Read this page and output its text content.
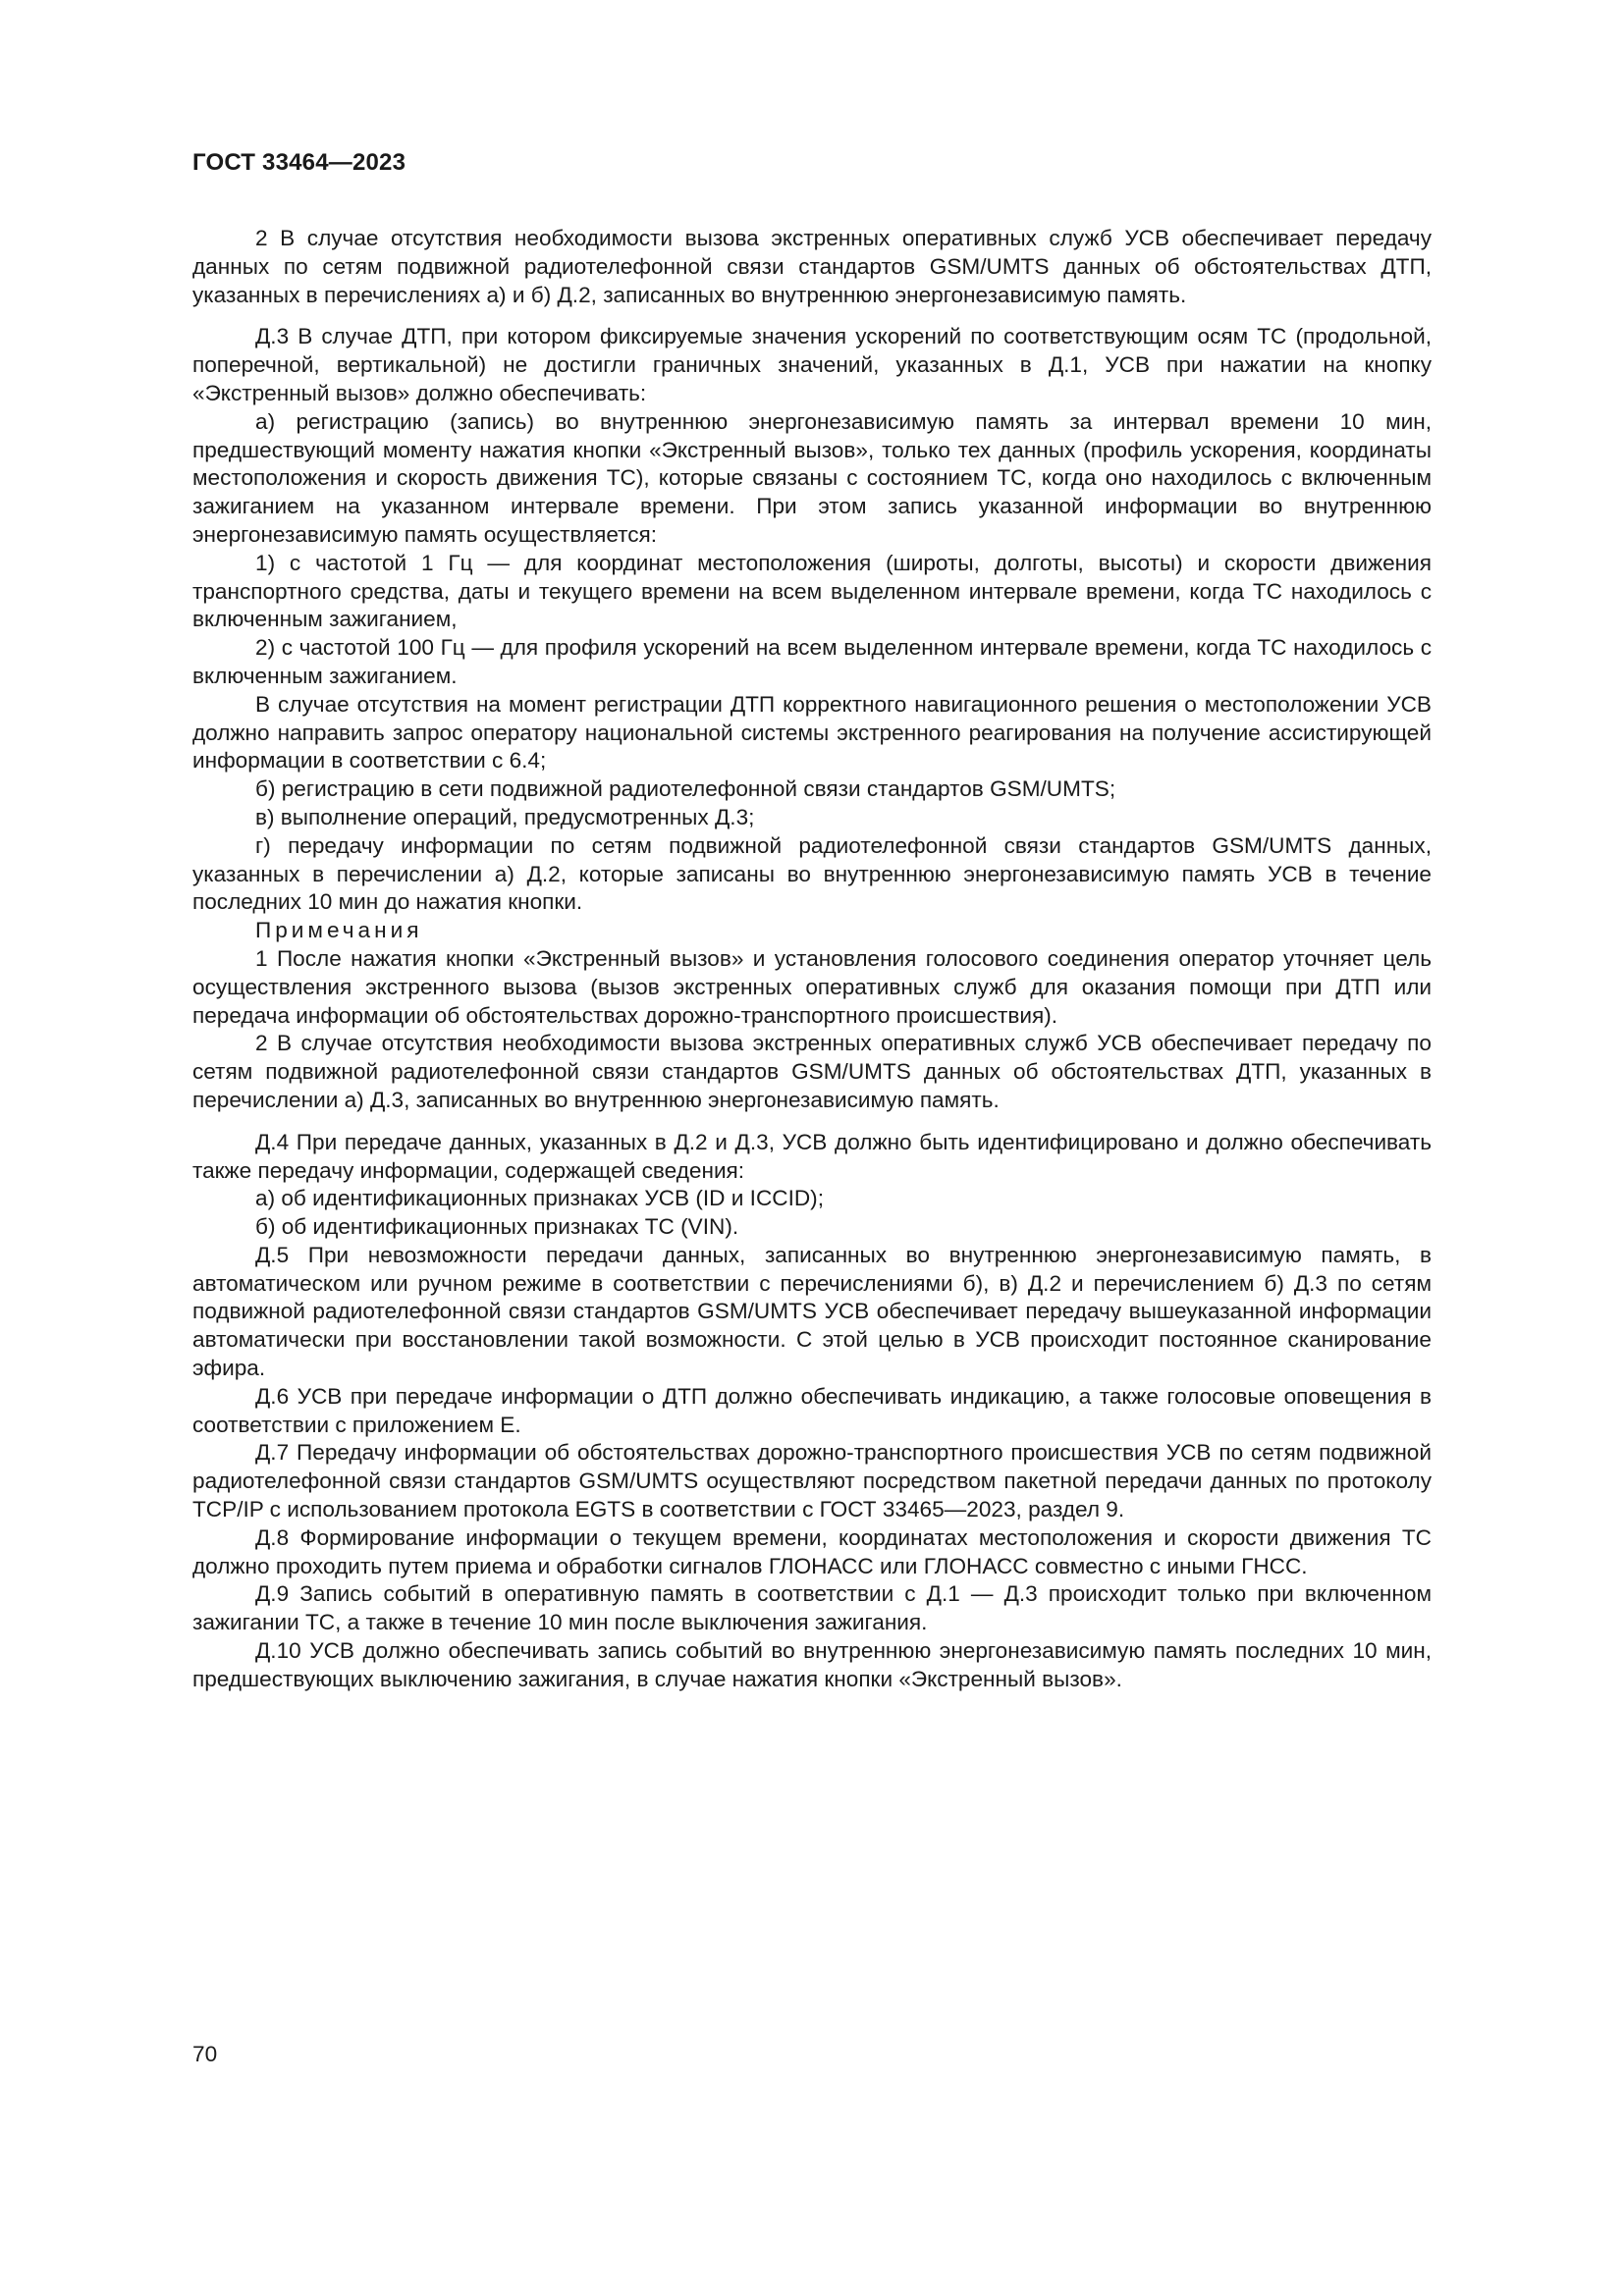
ГОСТ 33464—2023

2 В случае отсутствия необходимости вызова экстренных оперативных служб УСВ обеспечивает передачу данных по сетям подвижной радиотелефонной связи стандартов GSM/UMTS данных об обстоятельствах ДТП, указанных в перечислениях а) и б) Д.2, записанных во внутреннюю энергонезависимую память.

Д.3 В случае ДТП, при котором фиксируемые значения ускорений по соответствующим осям ТС (продольной, поперечной, вертикальной) не достигли граничных значений, указанных в Д.1, УСВ при нажатии на кнопку «Экстренный вызов» должно обеспечивать:

а) регистрацию (запись) во внутреннюю энергонезависимую память за интервал времени 10 мин, предшествующий моменту нажатия кнопки «Экстренный вызов», только тех данных (профиль ускорения, координаты местоположения и скорость движения ТС), которые связаны с состоянием ТС, когда оно находилось с включенным зажиганием на указанном интервале времени. При этом запись указанной информации во внутреннюю энергонезависимую память осуществляется:

1) с частотой 1 Гц — для координат местоположения (широты, долготы, высоты) и скорости движения транспортного средства, даты и текущего времени на всем выделенном интервале времени, когда ТС находилось с включенным зажиганием,

2) с частотой 100 Гц — для профиля ускорений на всем выделенном интервале времени, когда ТС находилось с включенным зажиганием.

В случае отсутствия на момент регистрации ДТП корректного навигационного решения о местоположении УСВ должно направить запрос оператору национальной системы экстренного реагирования на получение ассистирующей информации в соответствии с 6.4;

б) регистрацию в сети подвижной радиотелефонной связи стандартов GSM/UMTS;

в) выполнение операций, предусмотренных Д.3;

г) передачу информации по сетям подвижной радиотелефонной связи стандартов GSM/UMTS данных, указанных в перечислении а) Д.2, которые записаны во внутреннюю энергонезависимую память УСВ в течение последних 10 мин до нажатия кнопки.

Примечания

1 После нажатия кнопки «Экстренный вызов» и установления голосового соединения оператор уточняет цель осуществления экстренного вызова (вызов экстренных оперативных служб для оказания помощи при ДТП или передача информации об обстоятельствах дорожно-транспортного происшествия).

2 В случае отсутствия необходимости вызова экстренных оперативных служб УСВ обеспечивает передачу по сетям подвижной радиотелефонной связи стандартов GSM/UMTS данных об обстоятельствах ДТП, указанных в перечислении а) Д.3, записанных во внутреннюю энергонезависимую память.

Д.4 При передаче данных, указанных в Д.2 и Д.3, УСВ должно быть идентифицировано и должно обеспечивать также передачу информации, содержащей сведения:

а) об идентификационных признаках УСВ (ID и ICCID);

б) об идентификационных признаках ТС (VIN).

Д.5 При невозможности передачи данных, записанных во внутреннюю энергонезависимую память, в автоматическом или ручном режиме в соответствии с перечислениями б), в) Д.2 и перечислением б) Д.3 по сетям подвижной радиотелефонной связи стандартов GSM/UMTS УСВ обеспечивает передачу вышеуказанной информации автоматически при восстановлении такой возможности. С этой целью в УСВ происходит постоянное сканирование эфира.

Д.6 УСВ при передаче информации о ДТП должно обеспечивать индикацию, а также голосовые оповещения в соответствии с приложением Е.

Д.7 Передачу информации об обстоятельствах дорожно-транспортного происшествия УСВ по сетям подвижной радиотелефонной связи стандартов GSM/UMTS осуществляют посредством пакетной передачи данных по протоколу TCP/IP с использованием протокола EGTS в соответствии с ГОСТ 33465—2023, раздел 9.

Д.8 Формирование информации о текущем времени, координатах местоположения и скорости движения ТС должно проходить путем приема и обработки сигналов ГЛОНАСС или ГЛОНАСС совместно с иными ГНСС.

Д.9 Запись событий в оперативную память в соответствии с Д.1 — Д.3 происходит только при включенном зажигании ТС, а также в течение 10 мин после выключения зажигания.

Д.10 УСВ должно обеспечивать запись событий во внутреннюю энергонезависимую память последних 10 мин, предшествующих выключению зажигания, в случае нажатия кнопки «Экстренный вызов».

70
